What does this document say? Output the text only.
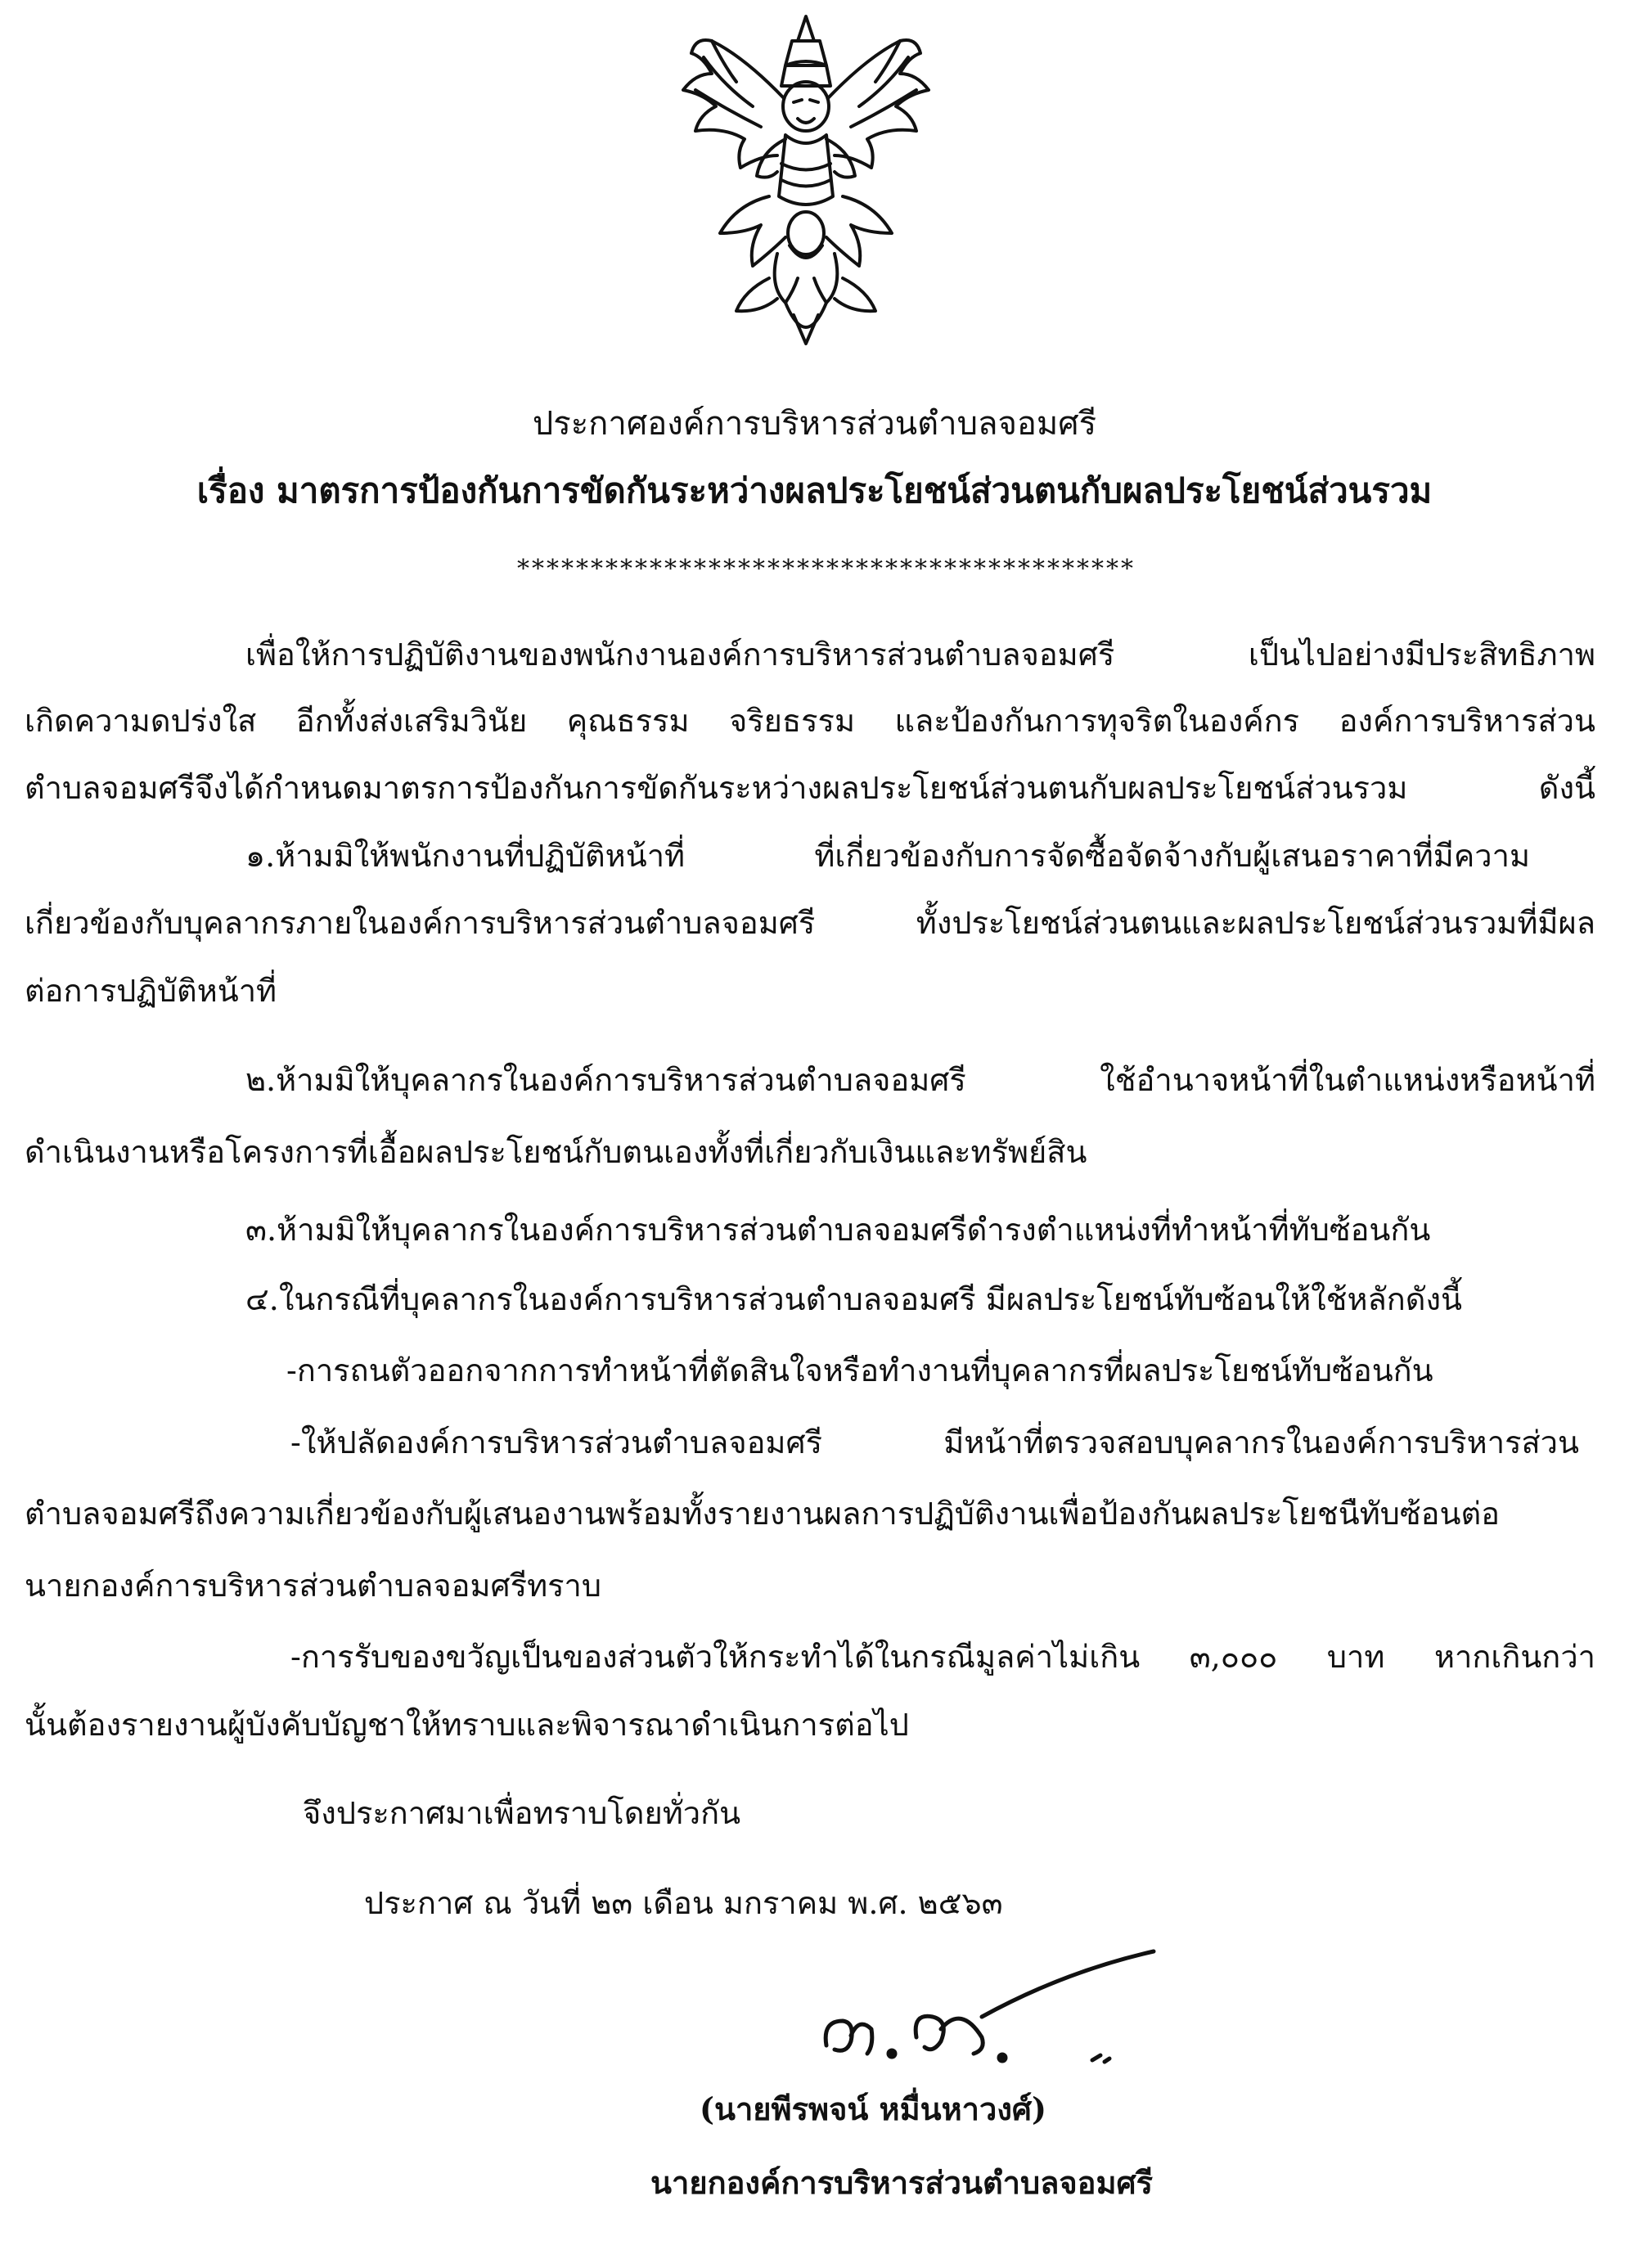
ประกาศองค์การบริหารส่วนตำบลจอมศรี
เรื่อง มาตรการป้องกันการขัดกันระหว่างผลประโยชน์ส่วนตนกับผลประโยชน์ส่วนรวม
******************************************
เพื่อให้การปฏิบัติงานของพนักงานองค์การบริหารส่วนตำบลจอมศรี เป็นไปอย่างมีประสิทธิภาพ
เกิดความดปร่งใส อีกทั้งส่งเสริมวินัย คุณธรรม จริยธรรม และป้องกันการทุจริตในองค์กร องค์การบริหารส่วน
ตำบลจอมศรีจึงได้กำหนดมาตรการป้องกันการขัดกันระหว่างผลประโยชน์ส่วนตนกับผลประโยชน์ส่วนรวม ดังนี้
๑.ห้ามมิให้พนักงานที่ปฏิบัติหน้าที่ ที่เกี่ยวข้องกับการจัดซื้อจัดจ้างกับผู้เสนอราคาที่มีความ
เกี่ยวข้องกับบุคลากรภายในองค์การบริหารส่วนตำบลจอมศรี ทั้งประโยชน์ส่วนตนและผลประโยชน์ส่วนรวมที่มีผล
ต่อการปฏิบัติหน้าที่
๒.ห้ามมิให้บุคลากรในองค์การบริหารส่วนตำบลจอมศรี ใช้อำนาจหน้าที่ในตำแหน่งหรือหน้าที่
ดำเนินงานหรือโครงการที่เอื้อผลประโยชน์กับตนเองทั้งที่เกี่ยวกับเงินและทรัพย์สิน
๓.ห้ามมิให้บุคลากรในองค์การบริหารส่วนตำบลจอมศรีดำรงตำแหน่งที่ทำหน้าที่ทับซ้อนกัน
๔.ในกรณีที่บุคลากรในองค์การบริหารส่วนตำบลจอมศรี มีผลประโยชน์ทับซ้อนให้ใช้หลักดังนี้
-การถนตัวออกจากการทำหน้าที่ตัดสินใจหรือทำงานที่บุคลากรที่ผลประโยชน์ทับซ้อนกัน
-ให้ปลัดองค์การบริหารส่วนตำบลจอมศรี มีหน้าที่ตรวจสอบบุคลากรในองค์การบริหารส่วน
ตำบลจอมศรีถึงความเกี่ยวข้องกับผู้เสนองานพร้อมทั้งรายงานผลการปฏิบัติงานเพื่อป้องกันผลประโยชนืทับซ้อนต่อ
นายกองค์การบริหารส่วนตำบลจอมศรีทราบ
-การรับของขวัญเป็นของส่วนตัวให้กระทำได้ในกรณีมูลค่าไม่เกิน ๓,๐๐๐ บาท หากเกินกว่า
นั้นต้องรายงานผู้บังคับบัญชาให้ทราบและพิจารณาดำเนินการต่อไป
จึงประกาศมาเพื่อทราบโดยทั่วกัน
ประกาศ ณ วันที่ ๒๓ เดือน มกราคม พ.ศ. ๒๕๖๓
(นายพีรพจน์ หมื่นหาวงศ์)
นายกองค์การบริหารส่วนตำบลจอมศรี
